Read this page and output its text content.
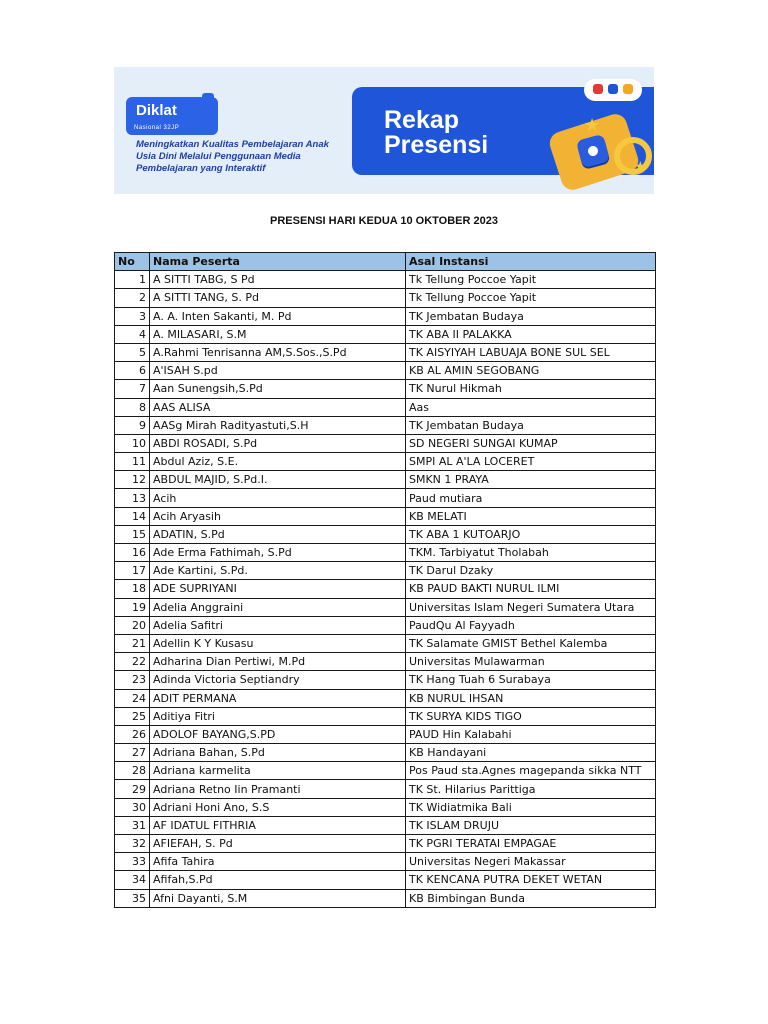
Diklat
Nasional 32JP
Meningkatkan Kualitas Pembelajaran Anak Usia Dini Melalui Penggunaan Media Pembelajaran yang Interaktif
Rekap Presensi
★
★
PRESENSI HARI KEDUA 10 OKTOBER 2023
No	Nama Peserta	Asal Instansi
1	A SITTI TABG, S Pd	Tk Tellung Poccoe Yapit
2	A SITTI TANG, S. Pd	Tk Tellung Poccoe Yapit
3	A. A. Inten Sakanti, M. Pd	TK Jembatan Budaya
4	A. MILASARI, S.M	TK ABA II PALAKKA
5	A.Rahmi Tenrisanna AM,S.Sos.,S.Pd	TK AISYIYAH LABUAJA BONE SUL SEL
6	A'ISAH S.pd	KB AL AMIN SEGOBANG
7	Aan Sunengsih,S.Pd	TK Nurul Hikmah
8	AAS ALISA	Aas
9	AASg Mirah Radityastuti,S.H	TK Jembatan Budaya
10	ABDI ROSADI, S.Pd	SD NEGERI SUNGAI KUMAP
11	Abdul Aziz, S.E.	SMPI AL A'LA LOCERET
12	ABDUL MAJID, S.Pd.I.	SMKN 1 PRAYA
13	Acih	Paud mutiara
14	Acih Aryasih	KB MELATI
15	ADATIN, S.Pd	TK ABA 1 KUTOARJO
16	Ade Erma Fathimah, S.Pd	TKM. Tarbiyatut Tholabah
17	Ade Kartini, S.Pd.	TK Darul Dzaky
18	ADE SUPRIYANI	KB PAUD BAKTI NURUL ILMI
19	Adelia Anggraini	Universitas Islam Negeri Sumatera Utara
20	Adelia Safitri	PaudQu Al Fayyadh
21	Adellin K Y Kusasu	TK Salamate GMIST Bethel Kalemba
22	Adharina Dian Pertiwi, M.Pd	Universitas Mulawarman
23	Adinda Victoria Septiandry	TK Hang Tuah 6 Surabaya
24	ADIT PERMANA	KB NURUL IHSAN
25	Aditiya Fitri	TK SURYA KIDS TIGO
26	ADOLOF BAYANG,S.PD	PAUD Hin Kalabahi
27	Adriana Bahan, S.Pd	KB Handayani
28	Adriana karmelita	Pos Paud sta.Agnes magepanda sikka NTT
29	Adriana Retno Iin Pramanti	TK St. Hilarius Parittiga
30	Adriani Honi Ano, S.S	TK Widiatmika Bali
31	AF IDATUL FITHRIA	TK ISLAM DRUJU
32	AFIEFAH, S. Pd	TK PGRI TERATAI EMPAGAE
33	Afifa Tahira	Universitas Negeri Makassar
34	Afifah,S.Pd	TK KENCANA PUTRA DEKET WETAN
35	Afni Dayanti, S.M	KB Bimbingan Bunda
